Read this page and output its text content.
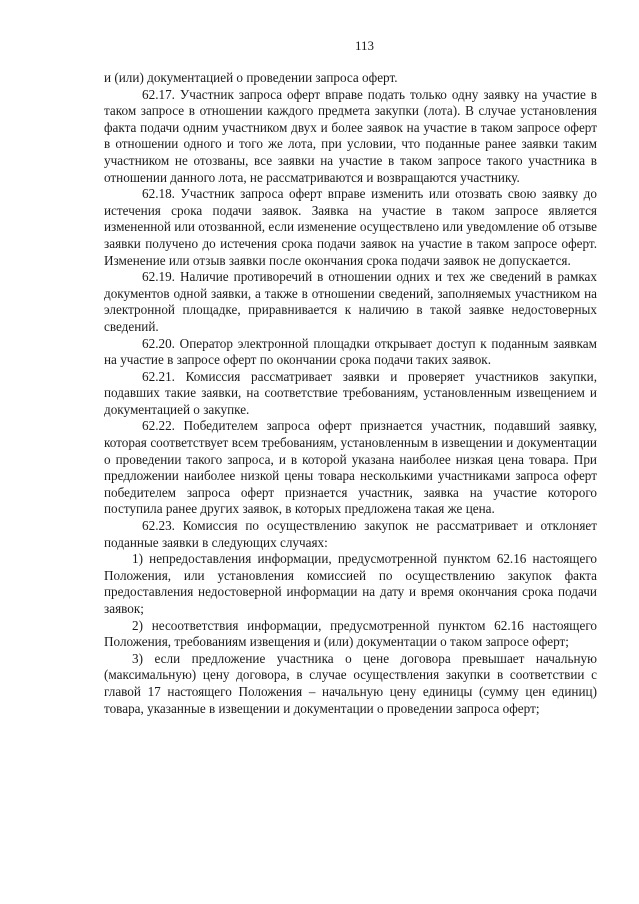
113

и (или) документацией о проведении запроса оферт.

62.17. Участник запроса оферт вправе подать только одну заявку на участие в таком запросе в отношении каждого предмета закупки (лота). В случае установления факта подачи одним участником двух и более заявок на участие в таком запросе оферт в отношении одного и того же лота, при условии, что поданные ранее заявки таким участником не отозваны, все заявки на участие в таком запросе такого участника в отношении данного лота, не рассматриваются и возвращаются участнику.

62.18. Участник запроса оферт вправе изменить или отозвать свою заявку до истечения срока подачи заявок. Заявка на участие в таком запросе является измененной или отозванной, если изменение осуществлено или уведомление об отзыве заявки получено до истечения срока подачи заявок на участие в таком запросе оферт. Изменение или отзыв заявки после окончания срока подачи заявок не допускается.

62.19. Наличие противоречий в отношении одних и тех же сведений в рамках документов одной заявки, а также в отношении сведений, заполняемых участником на электронной площадке, приравнивается к наличию в такой заявке недостоверных сведений.

62.20. Оператор электронной площадки открывает доступ к поданным заявкам на участие в запросе оферт по окончании срока подачи таких заявок.

62.21. Комиссия рассматривает заявки и проверяет участников закупки, подавших такие заявки, на соответствие требованиям, установленным извещением и документацией о закупке.

62.22. Победителем запроса оферт признается участник, подавший заявку, которая соответствует всем требованиям, установленным в извещении и документации о проведении такого запроса, и в которой указана наиболее низкая цена товара. При предложении наиболее низкой цены товара несколькими участниками запроса оферт победителем запроса оферт признается участник, заявка на участие которого поступила ранее других заявок, в которых предложена такая же цена.

62.23. Комиссия по осуществлению закупок не рассматривает и отклоняет поданные заявки в следующих случаях:

1) непредоставления информации, предусмотренной пунктом 62.16 настоящего Положения, или установления комиссией по осуществлению закупок факта предоставления недостоверной информации на дату и время окончания срока подачи заявок;

2) несоответствия информации, предусмотренной пунктом 62.16 настоящего Положения, требованиям извещения и (или) документации о таком запросе оферт;

3) если предложение участника о цене договора превышает начальную (максимальную) цену договора, в случае осуществления закупки в соответствии с главой 17 настоящего Положения – начальную цену единицы (сумму цен единиц) товара, указанные в извещении и документации о проведении запроса оферт;
